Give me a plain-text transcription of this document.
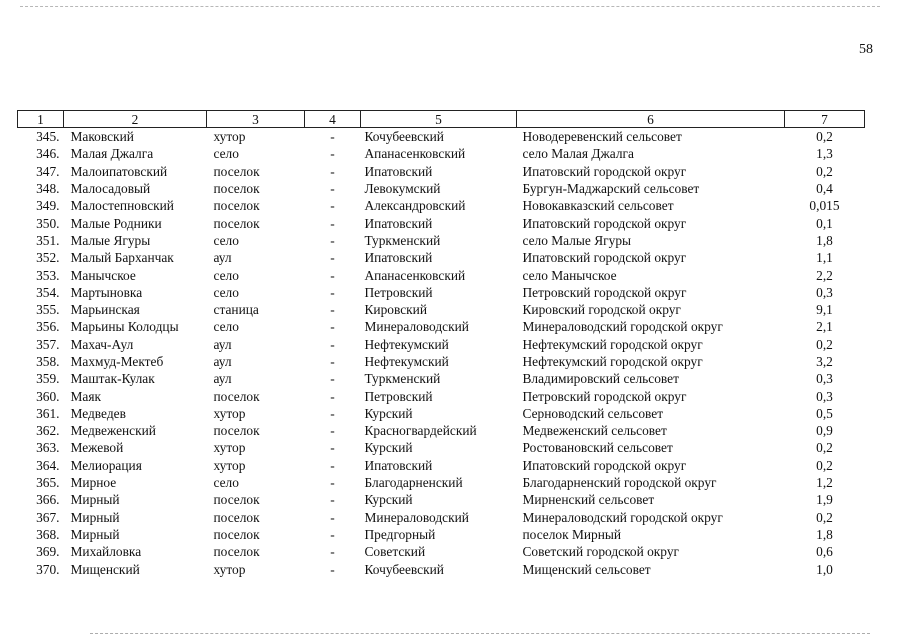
58
1	2	3	4	5	6	7
345.	Маковский	хутор	-	Кочубеевский	Новодеревенский сельсовет	0,2
346.	Малая Джалга	село	-	Апанасенковский	село Малая Джалга	1,3
347.	Малоипатовский	поселок	-	Ипатовский	Ипатовский городской округ	0,2
348.	Малосадовый	поселок	-	Левокумский	Бургун-Маджарский сельсовет	0,4
349.	Малостепновский	поселок	-	Александровский	Новокавказский сельсовет	0,015
350.	Малые Родники	поселок	-	Ипатовский	Ипатовский городской округ	0,1
351.	Малые Ягуры	село	-	Туркменский	село Малые Ягуры	1,8
352.	Малый Барханчак	аул	-	Ипатовский	Ипатовский городской округ	1,1
353.	Манычское	село	-	Апанасенковский	село Манычское	2,2
354.	Мартыновка	село	-	Петровский	Петровский городской округ	0,3
355.	Марьинская	станица	-	Кировский	Кировский городской округ	9,1
356.	Марьины Колодцы	село	-	Минераловодский	Минераловодский городской округ	2,1
357.	Махач-Аул	аул	-	Нефтекумский	Нефтекумский городской округ	0,2
358.	Махмуд-Мектеб	аул	-	Нефтекумский	Нефтекумский городской округ	3,2
359.	Маштак-Кулак	аул	-	Туркменский	Владимировский сельсовет	0,3
360.	Маяк	поселок	-	Петровский	Петровский городской округ	0,3
361.	Медведев	хутор	-	Курский	Серноводский сельсовет	0,5
362.	Медвеженский	поселок	-	Красногвардейский	Медвеженский сельсовет	0,9
363.	Межевой	хутор	-	Курский	Ростовановский сельсовет	0,2
364.	Мелиорация	хутор	-	Ипатовский	Ипатовский городской округ	0,2
365.	Мирное	село	-	Благодарненский	Благодарненский городской округ	1,2
366.	Мирный	поселок	-	Курский	Мирненский сельсовет	1,9
367.	Мирный	поселок	-	Минераловодский	Минераловодский городской округ	0,2
368.	Мирный	поселок	-	Предгорный	поселок Мирный	1,8
369.	Михайловка	поселок	-	Советский	Советский городской округ	0,6
370.	Мищенский	хутор	-	Кочубеевский	Мищенский сельсовет	1,0
